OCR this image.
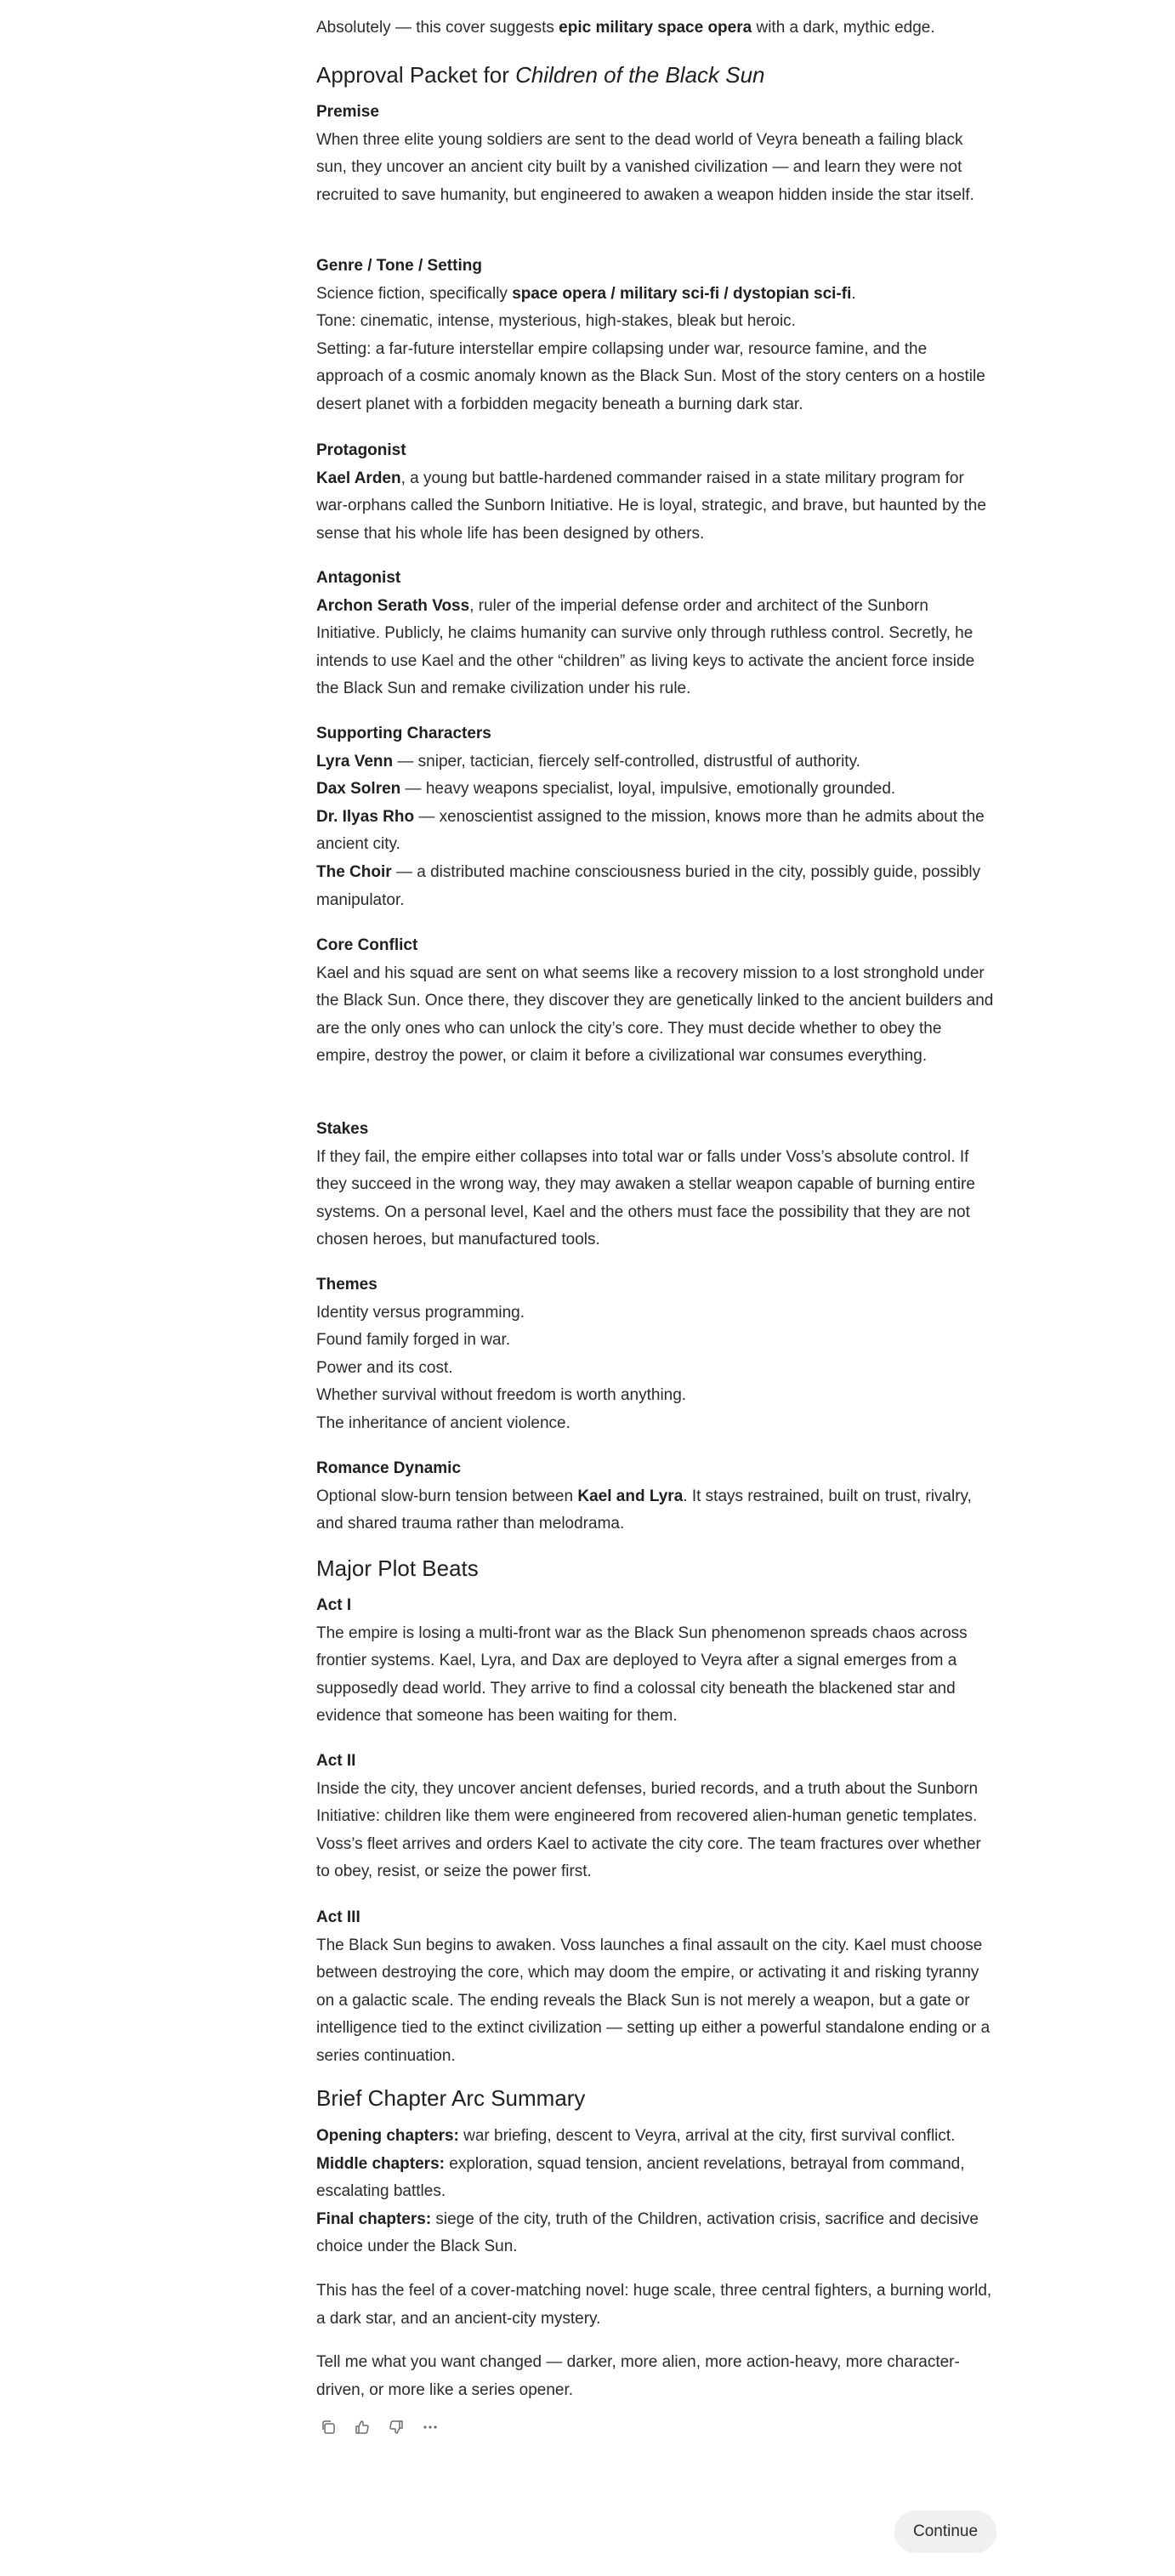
Absolutely — this cover suggests epic military space opera with a dark, mythic edge.

Approval Packet for Children of the Black Sun

Premise

When three elite young soldiers are sent to the dead world of Veyra beneath a failing black sun, they uncover an ancient city built by a vanished civilization — and learn they were not recruited to save humanity, but engineered to awaken a weapon hidden inside the star itself.

Genre / Tone / Setting

Science fiction, specifically space opera / military sci-fi / dystopian sci-fi.

Tone: cinematic, intense, mysterious, high-stakes, bleak but heroic.

Setting: a far-future interstellar empire collapsing under war, resource famine, and the approach of a cosmic anomaly known as the Black Sun. Most of the story centers on a hostile desert planet with a forbidden megacity beneath a burning dark star.

Protagonist

Kael Arden, a young but battle-hardened commander raised in a state military program for war-orphans called the Sunborn Initiative. He is loyal, strategic, and brave, but haunted by the sense that his whole life has been designed by others.

Antagonist

Archon Serath Voss, ruler of the imperial defense order and architect of the Sunborn Initiative. Publicly, he claims humanity can survive only through ruthless control. Secretly, he intends to use Kael and the other “children” as living keys to activate the ancient force inside the Black Sun and remake civilization under his rule.

Supporting Characters

Lyra Venn — sniper, tactician, fiercely self-controlled, distrustful of authority.

Dax Solren — heavy weapons specialist, loyal, impulsive, emotionally grounded.

Dr. Ilyas Rho — xenoscientist assigned to the mission, knows more than he admits about the ancient city.

The Choir — a distributed machine consciousness buried in the city, possibly guide, possibly manipulator.

Core Conflict

Kael and his squad are sent on what seems like a recovery mission to a lost stronghold under the Black Sun. Once there, they discover they are genetically linked to the ancient builders and are the only ones who can unlock the city’s core. They must decide whether to obey the empire, destroy the power, or claim it before a civilizational war consumes everything.

Stakes

If they fail, the empire either collapses into total war or falls under Voss’s absolute control. If they succeed in the wrong way, they may awaken a stellar weapon capable of burning entire systems. On a personal level, Kael and the others must face the possibility that they are not chosen heroes, but manufactured tools.

Themes

Identity versus programming.

Found family forged in war.

Power and its cost.

Whether survival without freedom is worth anything.

The inheritance of ancient violence.

Romance Dynamic

Optional slow-burn tension between Kael and Lyra. It stays restrained, built on trust, rivalry, and shared trauma rather than melodrama.

Major Plot Beats

Act I

The empire is losing a multi-front war as the Black Sun phenomenon spreads chaos across frontier systems. Kael, Lyra, and Dax are deployed to Veyra after a signal emerges from a supposedly dead world. They arrive to find a colossal city beneath the blackened star and evidence that someone has been waiting for them.

Act II

Inside the city, they uncover ancient defenses, buried records, and a truth about the Sunborn Initiative: children like them were engineered from recovered alien-human genetic templates. Voss’s fleet arrives and orders Kael to activate the city core. The team fractures over whether to obey, resist, or seize the power first.

Act III

The Black Sun begins to awaken. Voss launches a final assault on the city. Kael must choose between destroying the core, which may doom the empire, or activating it and risking tyranny on a galactic scale. The ending reveals the Black Sun is not merely a weapon, but a gate or intelligence tied to the extinct civilization — setting up either a powerful standalone ending or a series continuation.

Brief Chapter Arc Summary

Opening chapters: war briefing, descent to Veyra, arrival at the city, first survival conflict.

Middle chapters: exploration, squad tension, ancient revelations, betrayal from command, escalating battles.

Final chapters: siege of the city, truth of the Children, activation crisis, sacrifice and decisive choice under the Black Sun.

This has the feel of a cover-matching novel: huge scale, three central fighters, a burning world, a dark star, and an ancient-city mystery.

Tell me what you want changed — darker, more alien, more action-heavy, more character-driven, or more like a series opener.

Continue
